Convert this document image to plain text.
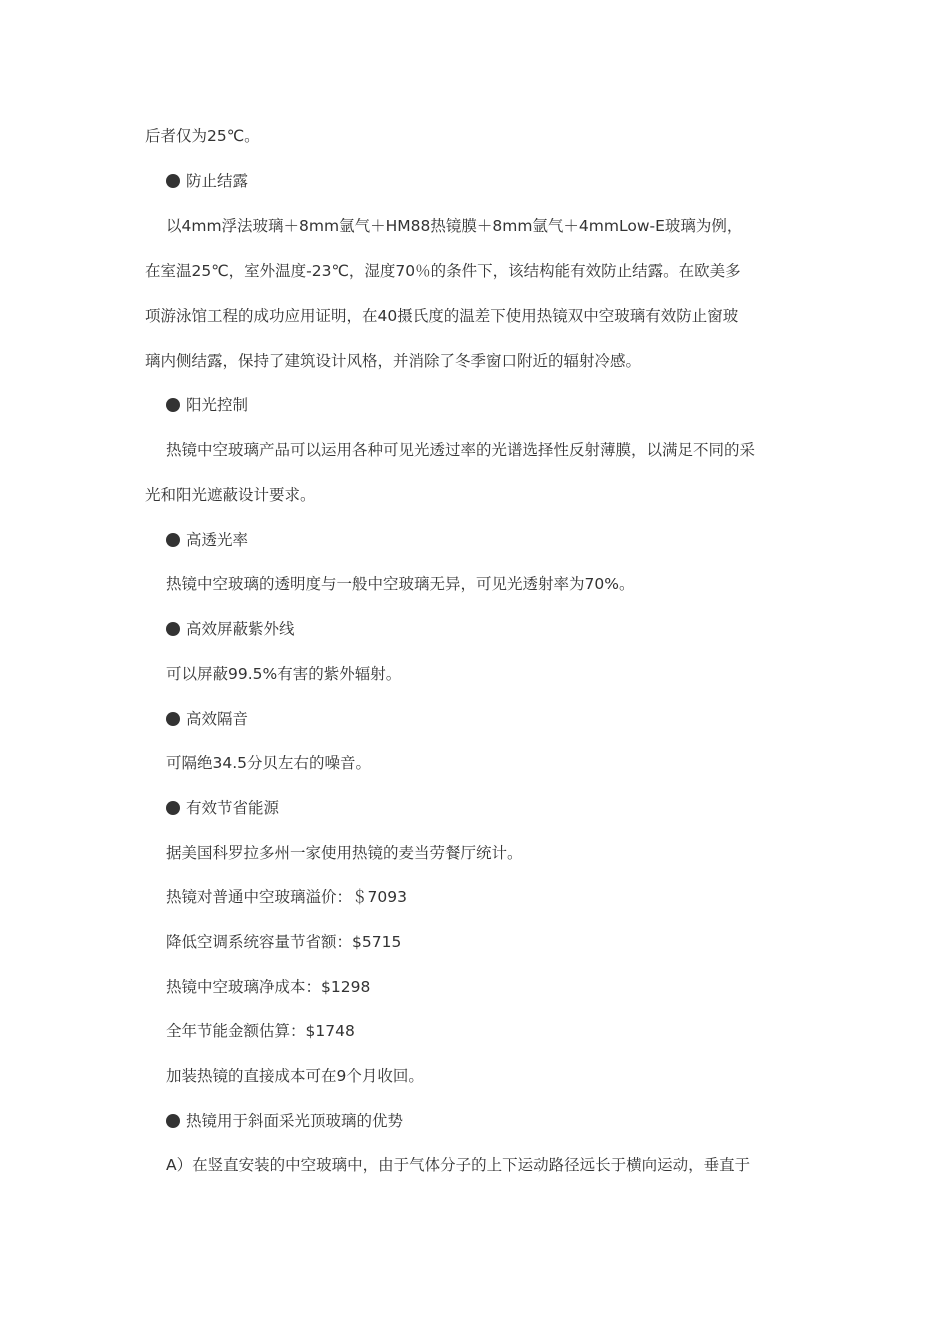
后者仅为25℃。
防止结露
以4mm浮法玻璃＋8mm氩气＋HM88热镜膜＋8mm氩气＋4mmLow-E玻璃为例，
在室温25℃，室外温度-23℃，湿度70％的条件下，该结构能有效防止结露。在欧美多
项游泳馆工程的成功应用证明，在40摄氏度的温差下使用热镜双中空玻璃有效防止窗玻
璃内侧结露，保持了建筑设计风格，并消除了冬季窗口附近的辐射冷感。
阳光控制
热镜中空玻璃产品可以运用各种可见光透过率的光谱选择性反射薄膜，以满足不同的采
光和阳光遮蔽设计要求。
高透光率
热镜中空玻璃的透明度与一般中空玻璃无异，可见光透射率为70%。
高效屏蔽紫外线
可以屏蔽99.5%有害的紫外辐射。
高效隔音
可隔绝34.5分贝左右的噪音。
有效节省能源
据美国科罗拉多州一家使用热镜的麦当劳餐厅统计。
热镜对普通中空玻璃溢价：＄7093
降低空调系统容量节省额：$5715
热镜中空玻璃净成本：$1298
全年节能金额估算：$1748
加装热镜的直接成本可在9个月收回。
热镜用于斜面采光顶玻璃的优势
A）在竖直安装的中空玻璃中，由于气体分子的上下运动路径远长于横向运动，垂直于
